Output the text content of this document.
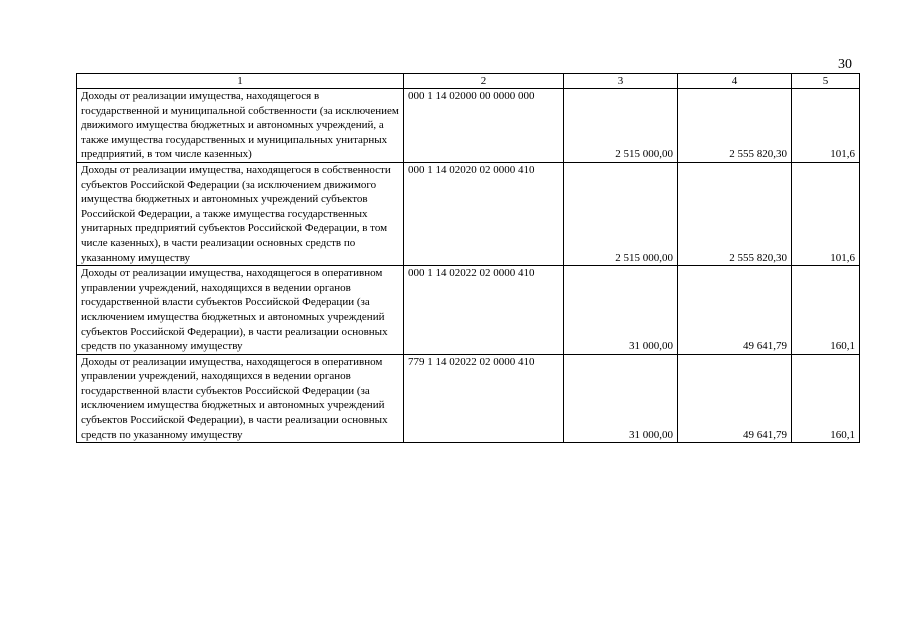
30
1	2	3	4	5
Доходы от реализации имущества, находящегося в государственной и муниципальной собственности (за исключением движимого имущества бюджетных и автономных учреждений, а также имущества государственных и муниципальных унитарных предприятий, в том числе казенных)	000 1 14 02000 00 0000 000	2 515 000,00	2 555 820,30	101,6
Доходы от реализации имущества, находящегося в собственности субъектов Российской Федерации (за исключением движимого имущества бюджетных и автономных учреждений субъектов Российской Федерации, а также имущества государственных унитарных предприятий субъектов Российской Федерации, в том числе казенных), в части реализации основных средств по указанному имуществу	000 1 14 02020 02 0000 410	2 515 000,00	2 555 820,30	101,6
Доходы от реализации имущества, находящегося в оперативном управлении учреждений, находящихся в ведении органов государственной власти субъектов Российской Федерации (за исключением имущества бюджетных и автономных учреждений субъектов Российской Федерации), в части реализации основных средств по указанному имуществу	000 1 14 02022 02 0000 410	31 000,00	49 641,79	160,1
Доходы от реализации имущества, находящегося в оперативном управлении учреждений, находящихся в ведении органов государственной власти субъектов Российской Федерации (за исключением имущества бюджетных и автономных учреждений субъектов Российской Федерации), в части реализации основных средств по указанному имуществу	779 1 14 02022 02 0000 410	31 000,00	49 641,79	160,1
